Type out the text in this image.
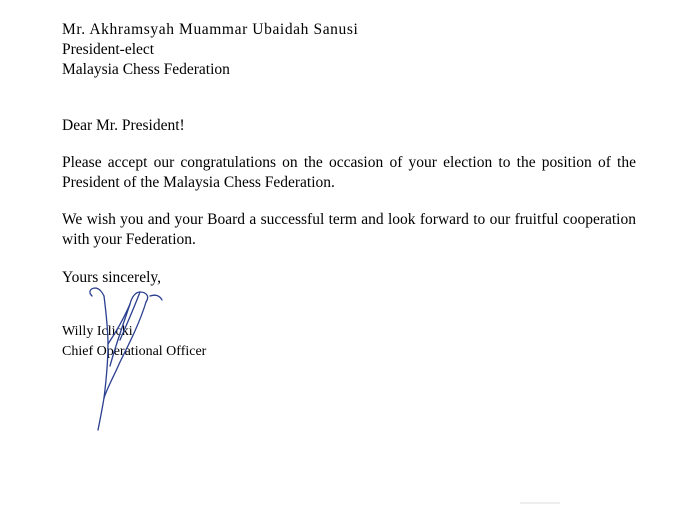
Mr. Akhramsyah Muammar Ubaidah Sanusi
President-elect
Malaysia Chess Federation
Dear Mr. President!

Please accept our congratulations on the occasion of your election to the position of the President of the Malaysia Chess Federation.

We wish you and your Board a successful term and look forward to our fruitful cooperation with your Federation.

Yours sincerely,
Willy Iclicki
Chief Operational Officer
